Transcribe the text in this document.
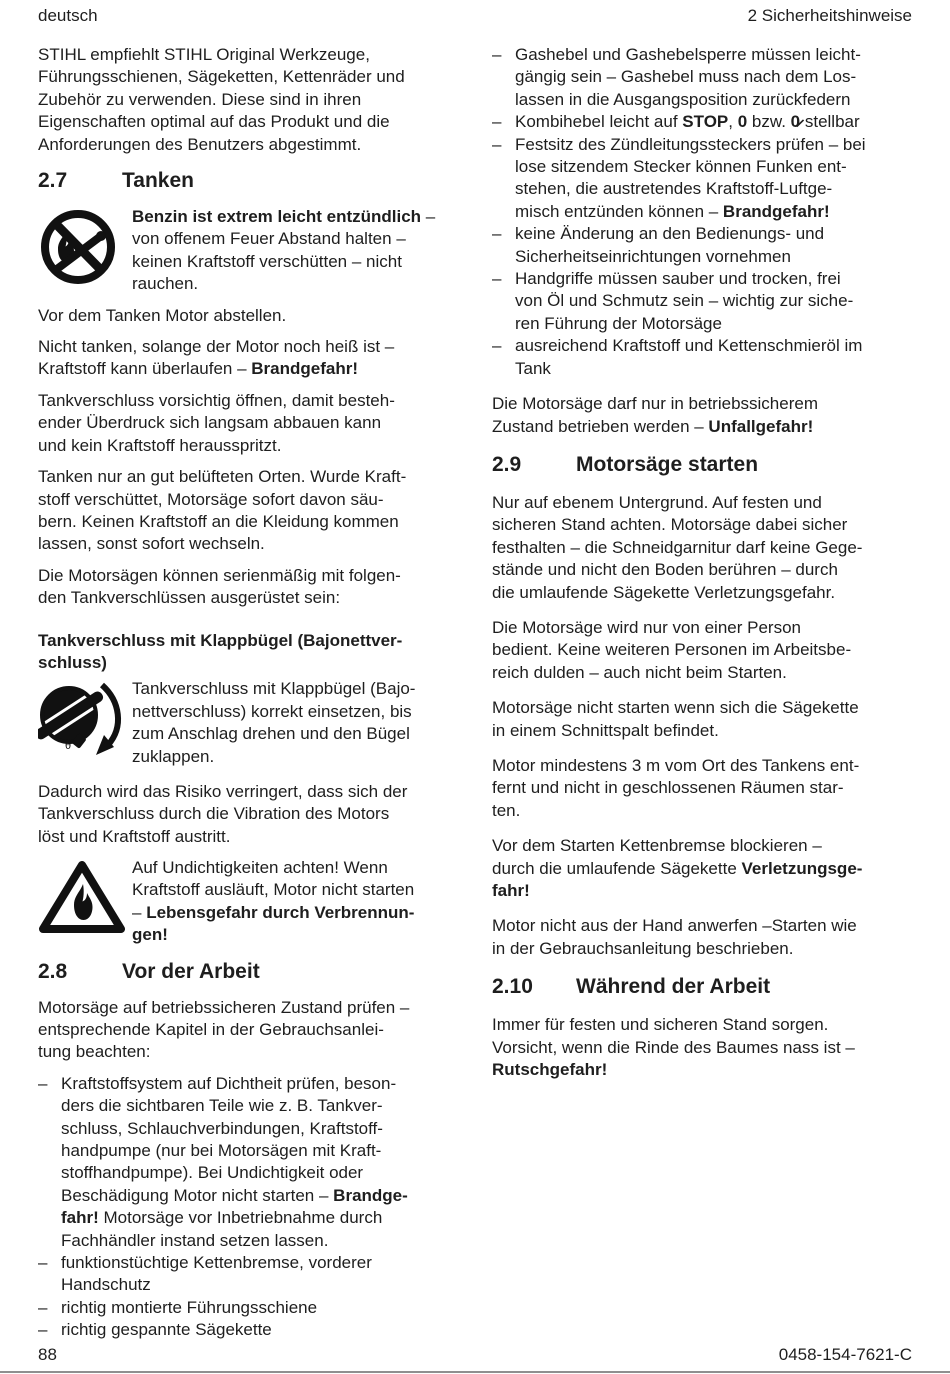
deutsch	2 Sicherheitshinweise

STIHL empfiehlt STIHL Original Werkzeuge,
Führungsschienen, Sägeketten, Kettenräder und
Zubehör zu verwenden. Diese sind in ihren
Eigenschaften optimal auf das Produkt und die
Anforderungen des Benutzers abgestimmt.

2.7	Tanken

Benzin ist extrem leicht entzündlich –
von offenem Feuer Abstand halten –
keinen Kraftstoff verschütten – nicht
rauchen.

Vor dem Tanken Motor abstellen.

Nicht tanken, solange der Motor noch heiß ist –
Kraftstoff kann überlaufen – Brandgefahr!

Tankverschluss vorsichtig öffnen, damit besteh-
ender Überdruck sich langsam abbauen kann
und kein Kraftstoff herausspritzt.

Tanken nur an gut belüfteten Orten. Wurde Kraft-
stoff verschüttet, Motorsäge sofort davon säu-
bern. Keinen Kraftstoff an die Kleidung kommen
lassen, sonst sofort wechseln.

Die Motorsägen können serienmäßig mit folgen-
den Tankverschlüssen ausgerüstet sein:

Tankverschluss mit Klappbügel (Bajonettver-
schluss)

θ

Tankverschluss mit Klappbügel (Bajo-
nettverschluss) korrekt einsetzen, bis
zum Anschlag drehen und den Bügel
zuklappen.

Dadurch wird das Risiko verringert, dass sich der
Tankverschluss durch die Vibration des Motors
löst und Kraftstoff austritt.

Auf Undichtigkeiten achten! Wenn
Kraftstoff ausläuft, Motor nicht starten
– Lebensgefahr durch Verbrennun-
gen!

2.8	Vor der Arbeit

Motorsäge auf betriebssicheren Zustand prüfen –
entsprechende Kapitel in der Gebrauchsanlei-
tung beachten:

– Kraftstoffsystem auf Dichtheit prüfen, beson-
ders die sichtbaren Teile wie z. B. Tankver-
schluss, Schlauchverbindungen, Kraftstoff-
handpumpe (nur bei Motorsägen mit Kraft-
stoffhandpumpe). Bei Undichtigkeit oder
Beschädigung Motor nicht starten – Brandge-
fahr! Motorsäge vor Inbetriebnahme durch
Fachhändler instand setzen lassen.
– funktionstüchtige Kettenbremse, vorderer
Handschutz
– richtig montierte Führungsschiene
– richtig gespannte Sägekette
– Gashebel und Gashebelsperre müssen leicht-
gängig sein – Gashebel muss nach dem Los-
lassen in die Ausgangsposition zurückfedern
– Kombihebel leicht auf STOP, 0 bzw. 0̷ stellbar
– Festsitz des Zündleitungssteckers prüfen – bei
lose sitzendem Stecker können Funken ent-
stehen, die austretendes Kraftstoff-Luftge-
misch entzünden können – Brandgefahr!
– keine Änderung an den Bedienungs- und
Sicherheitseinrichtungen vornehmen
– Handgriffe müssen sauber und trocken, frei
von Öl und Schmutz sein – wichtig zur siche-
ren Führung der Motorsäge
– ausreichend Kraftstoff und Kettenschmieröl im
Tank

Die Motorsäge darf nur in betriebssicherem
Zustand betrieben werden – Unfallgefahr!

2.9	Motorsäge starten

Nur auf ebenem Untergrund. Auf festen und
sicheren Stand achten. Motorsäge dabei sicher
festhalten – die Schneidgarnitur darf keine Gege-
stände und nicht den Boden berühren – durch
die umlaufende Sägekette Verletzungsgefahr.

Die Motorsäge wird nur von einer Person
bedient. Keine weiteren Personen im Arbeitsbe-
reich dulden – auch nicht beim Starten.

Motorsäge nicht starten wenn sich die Sägekette
in einem Schnittspalt befindet.

Motor mindestens 3 m vom Ort des Tankens ent-
fernt und nicht in geschlossenen Räumen star-
ten.

Vor dem Starten Kettenbremse blockieren –
durch die umlaufende Sägekette Verletzungsge-
fahr!

Motor nicht aus der Hand anwerfen –Starten wie
in der Gebrauchsanleitung beschrieben.

2.10 Während der Arbeit

Immer für festen und sicheren Stand sorgen.
Vorsicht, wenn die Rinde des Baumes nass ist –
Rutschgefahr!

88	0458-154-7621-C
